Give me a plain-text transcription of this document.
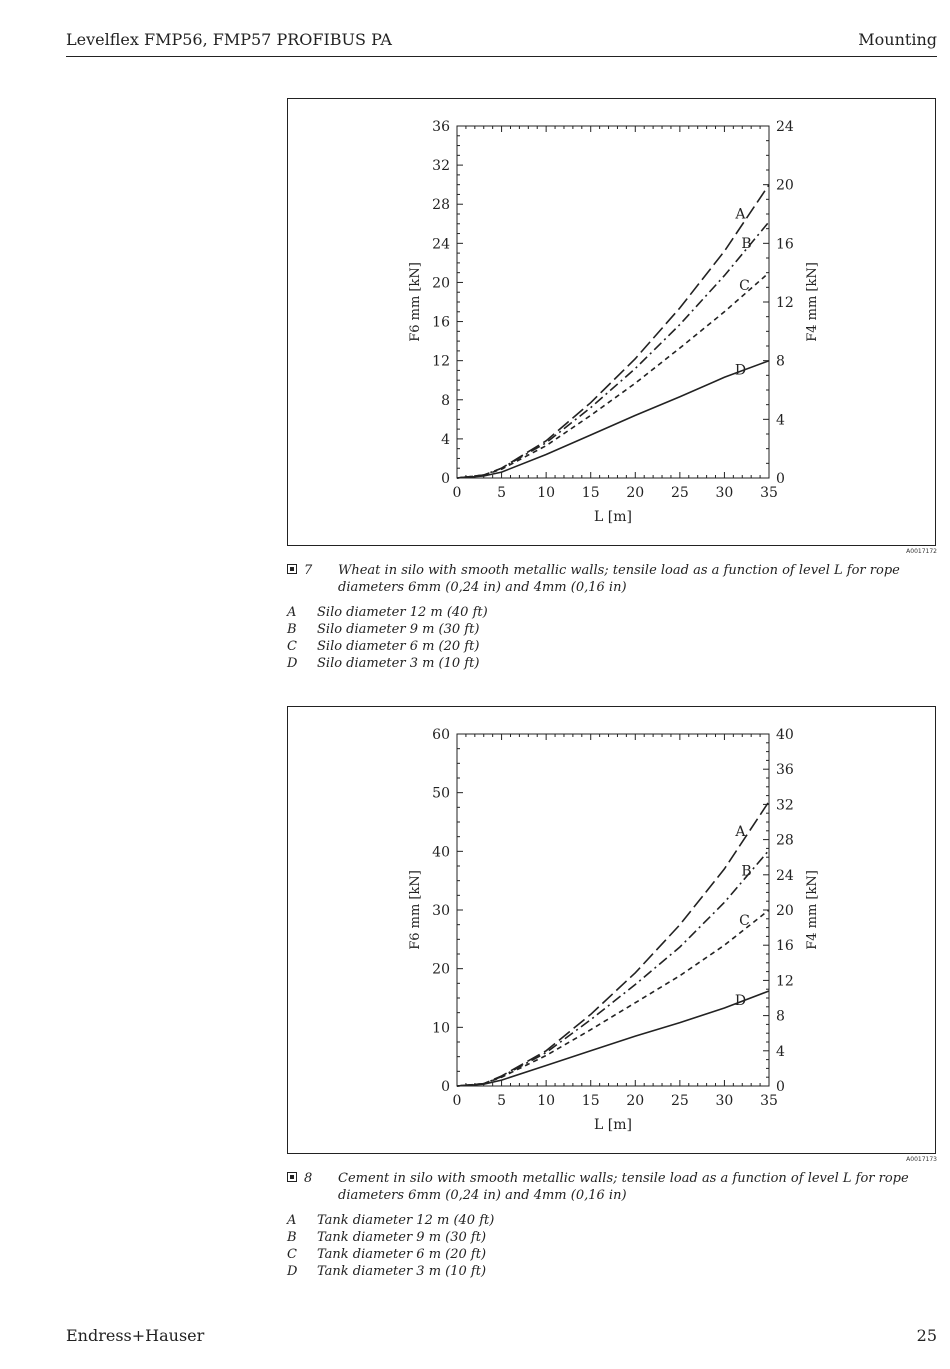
Levelflex FMP56, FMP57 PROFIBUS PA	Mounting
0	5 10 15 20 25 30 35
0
4
8
12
16
20
24
28
32
36
0
4
8
12
16
20
24
L [m]
F6 mm [kN]	F4 mm [kN]
A
B
C
D
A0017172
7 Wheat in silo with smooth metallic walls; tensile load as a function of level L for rope diameters 6mm (0,24 in) and 4mm (0,16 in)
A Silo diameter 12 m (40 ft)
B Silo diameter 9 m (30 ft)
C Silo diameter 6 m (20 ft)
D Silo diameter 3 m (10 ft)
0	5 10 15 20 25 30 35
0
10
20
30
40
50
60
0
4
8
12
16
20
24
28
32
36
40
L [m]
F6 mm [kN]	F4 mm [kN]
A
B
C
D
A0017173
8 Cement in silo with smooth metallic walls; tensile load as a function of level L for rope diameters 6mm (0,24 in) and 4mm (0,16 in)
A Tank diameter 12 m (40 ft)
B Tank diameter 9 m (30 ft)
C Tank diameter 6 m (20 ft)
D Tank diameter 3 m (10 ft)
Endress+Hauser	25
